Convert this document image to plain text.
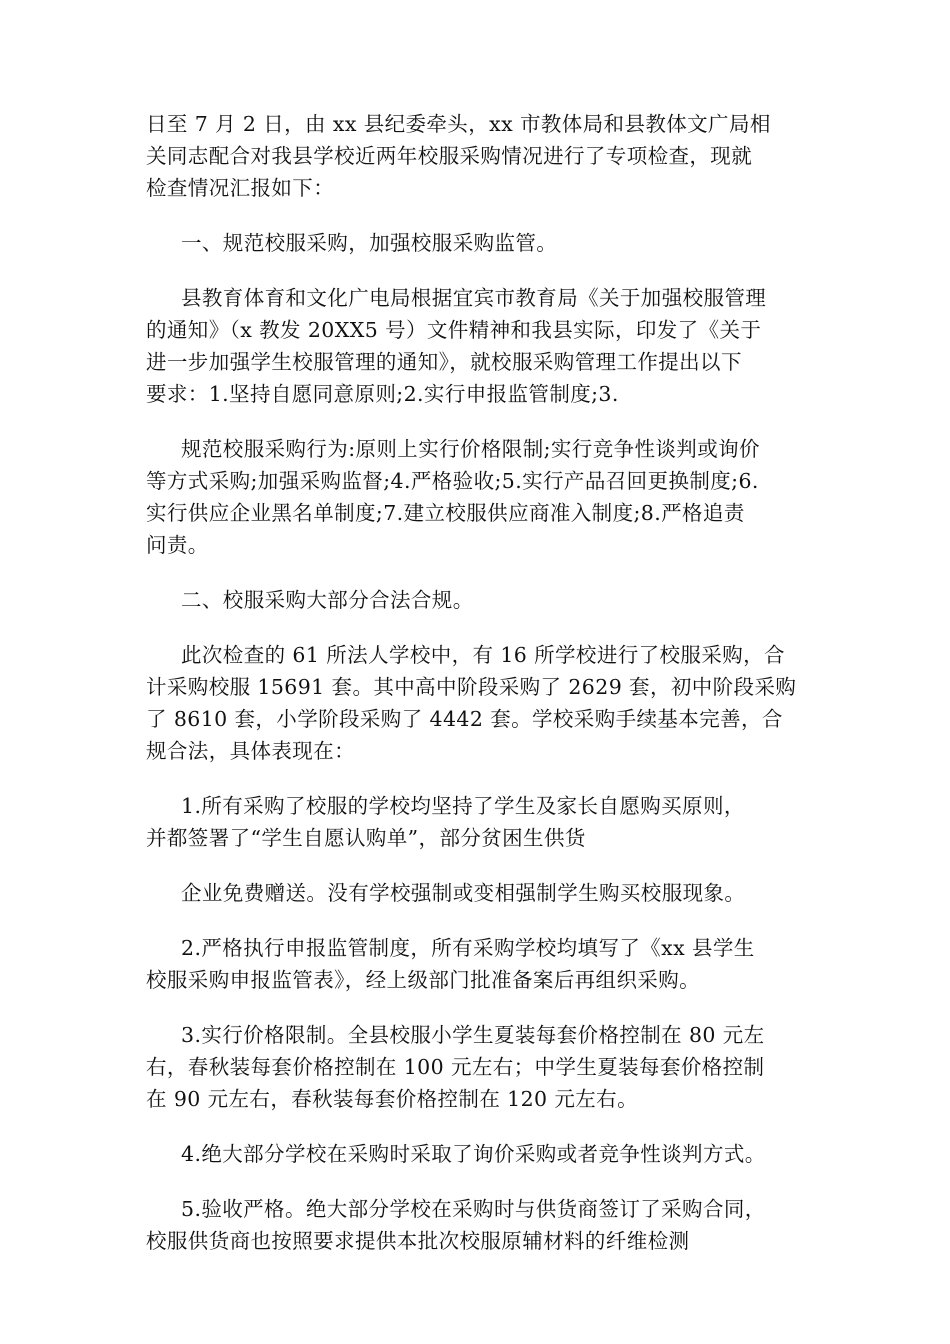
日至 7 月 2 日，由 xx 县纪委牵头，xx 市教体局和县教体文广局相
关同志配合对我县学校近两年校服采购情况进行了专项检查，现就
检查情况汇报如下：

一、规范校服采购，加强校服采购监管。

县教育体育和文化广电局根据宜宾市教育局《关于加强校服管理
的通知》（x 教发 20XX5 号）文件精神和我县实际，印发了《关于
进一步加强学生校服管理的通知》，就校服采购管理工作提出以下
要求：1.坚持自愿同意原则;2.实行申报监管制度;3.

规范校服采购行为:原则上实行价格限制;实行竞争性谈判或询价
等方式采购;加强采购监督;4.严格验收;5.实行产品召回更换制度;6.
实行供应企业黑名单制度;7.建立校服供应商准入制度;8.严格追责
问责。

二、校服采购大部分合法合规。

此次检查的 61 所法人学校中，有 16 所学校进行了校服采购，合
计采购校服 15691 套。其中高中阶段采购了 2629 套，初中阶段采购
了 8610 套，小学阶段采购了 4442 套。学校采购手续基本完善，合
规合法，具体表现在：

1.所有采购了校服的学校均坚持了学生及家长自愿购买原则，
并都签署了“学生自愿认购单”，部分贫困生供货

企业免费赠送。没有学校强制或变相强制学生购买校服现象。

2.严格执行申报监管制度，所有采购学校均填写了《xx 县学生
校服采购申报监管表》，经上级部门批准备案后再组织采购。

3.实行价格限制。全县校服小学生夏装每套价格控制在 80 元左
右，春秋装每套价格控制在 100 元左右；中学生夏装每套价格控制
在 90 元左右，春秋装每套价格控制在 120 元左右。

4.绝大部分学校在采购时采取了询价采购或者竞争性谈判方式。

5.验收严格。绝大部分学校在采购时与供货商签订了采购合同，
校服供货商也按照要求提供本批次校服原辅材料的纤维检测
